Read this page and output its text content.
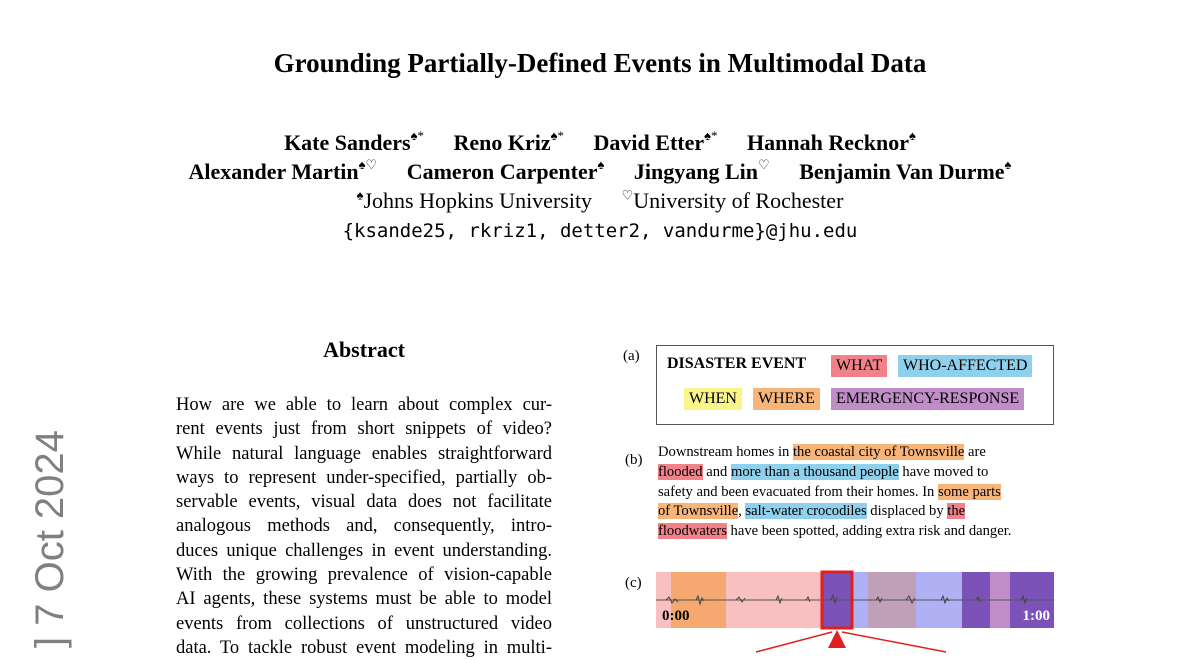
Grounding Partially-Defined Events in Multimodal Data
Kate Sanders♠* Reno Kriz♠* David Etter♠* Hannah Recknor♠
Alexander Martin♠♡ Cameron Carpenter♠ Jingyang Lin♡ Benjamin Van Durme♠
♠Johns Hopkins University ♡University of Rochester
{ksande25, rkriz1, detter2, vandurme}@jhu.edu
] 7 Oct 2024
Abstract
How are we able to learn about complex cur-
rent events just from short snippets of video?
While natural language enables straightforward
ways to represent under-specified, partially ob-
servable events, visual data does not facilitate
analogous methods and, consequently, intro-
duces unique challenges in event understanding.
With the growing prevalence of vision-capable
AI agents, these systems must be able to model
events from collections of unstructured video
data. To tackle robust event modeling in multi-
(a) DISASTER EVENT	WHAT	WHO-AFFECTED
WHEN	WHERE	EMERGENCY-RESPONSE
(b) Downstream homes in the coastal city of Townsville are
flooded and more than a thousand people have moved to
safety and been evacuated from their homes. In some parts
of Townsville, salt-water crocodiles displaced by the
floodwaters have been spotted, adding extra risk and danger.
(c)
0:00	1:00
